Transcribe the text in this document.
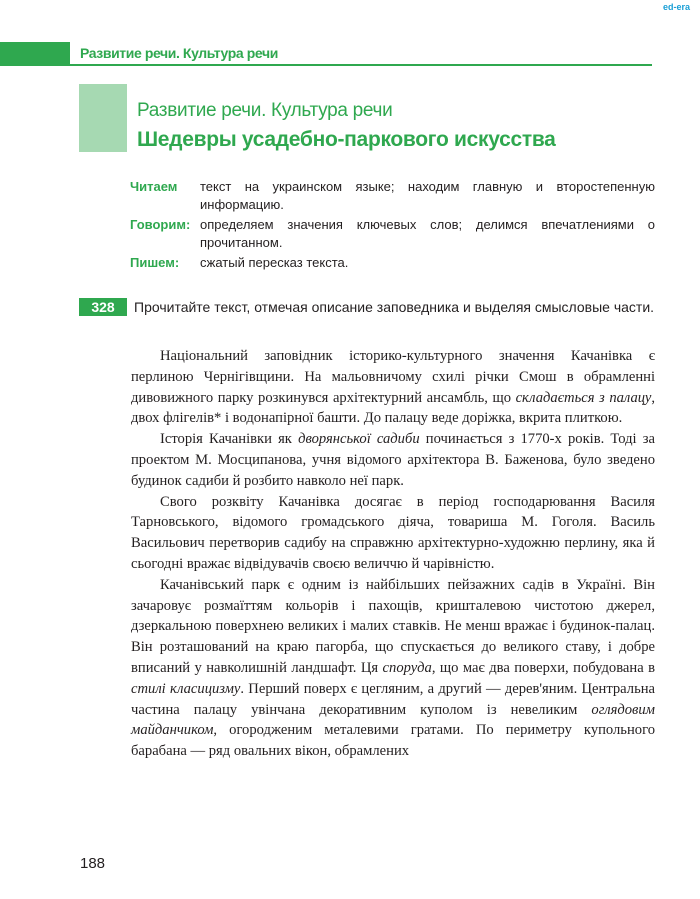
ed-era
Развитие речи. Культура речи
Развитие речи. Культура речи
Шедевры усадебно-паркового искусства
Читаем текст на украинском языке; находим главную и второстепенную информацию.
Говорим: определяем значения ключевых слов; делимся впечатлениями о прочитанном.
Пишем: сжатый пересказ текста.
328	Прочитайте текст, отмечая описание заповедника и выделяя смысловые части.

Національний заповідник історико-культурного значення Качанівка є перлиною Чернігівщини. На мальовничому схилі річки Смош в обрамленні дивовижного парку розкинувся архітектурний ансамбль, що складається з палацу, двох флігелів* і водонапірної башти. До палацу веде доріжка, вкрита плиткою.

Історія Качанівки як дворянської садиби починається з 1770-х років. Тоді за проектом М. Мосципанова, учня відомого архітектора В. Баженова, було зведено будинок садиби й розбито навколо неї парк.

Свого розквіту Качанівка досягає в період господарювання Василя Тарновського, відомого громадського діяча, товариша М. Гоголя. Василь Васильович перетворив садибу на справжню архітектурно-художню перлину, яка й сьогодні вражає відвідувачів своєю величчю й чарівністю.

Качанівський парк є одним із найбільших пейзажних садів в Україні. Він зачаровує розмаїттям кольорів і пахощів, кришталевою чистотою джерел, дзеркальною поверхнею великих і малих ставків. Не менш вражає і будинок-палац. Він розташований на краю пагорба, що спускається до великого ставу, і добре вписаний у навколишній ландшафт. Ця споруда, що має два поверхи, побудована в стилі класицизму. Перший поверх є цегляним, а другий — дерев'яним. Центральна частина палацу увінчана декоративним куполом із невеликим оглядовим майданчиком, огородженим металевими гратами. По периметру купольного барабана — ряд овальних вікон, обрамлених

188
